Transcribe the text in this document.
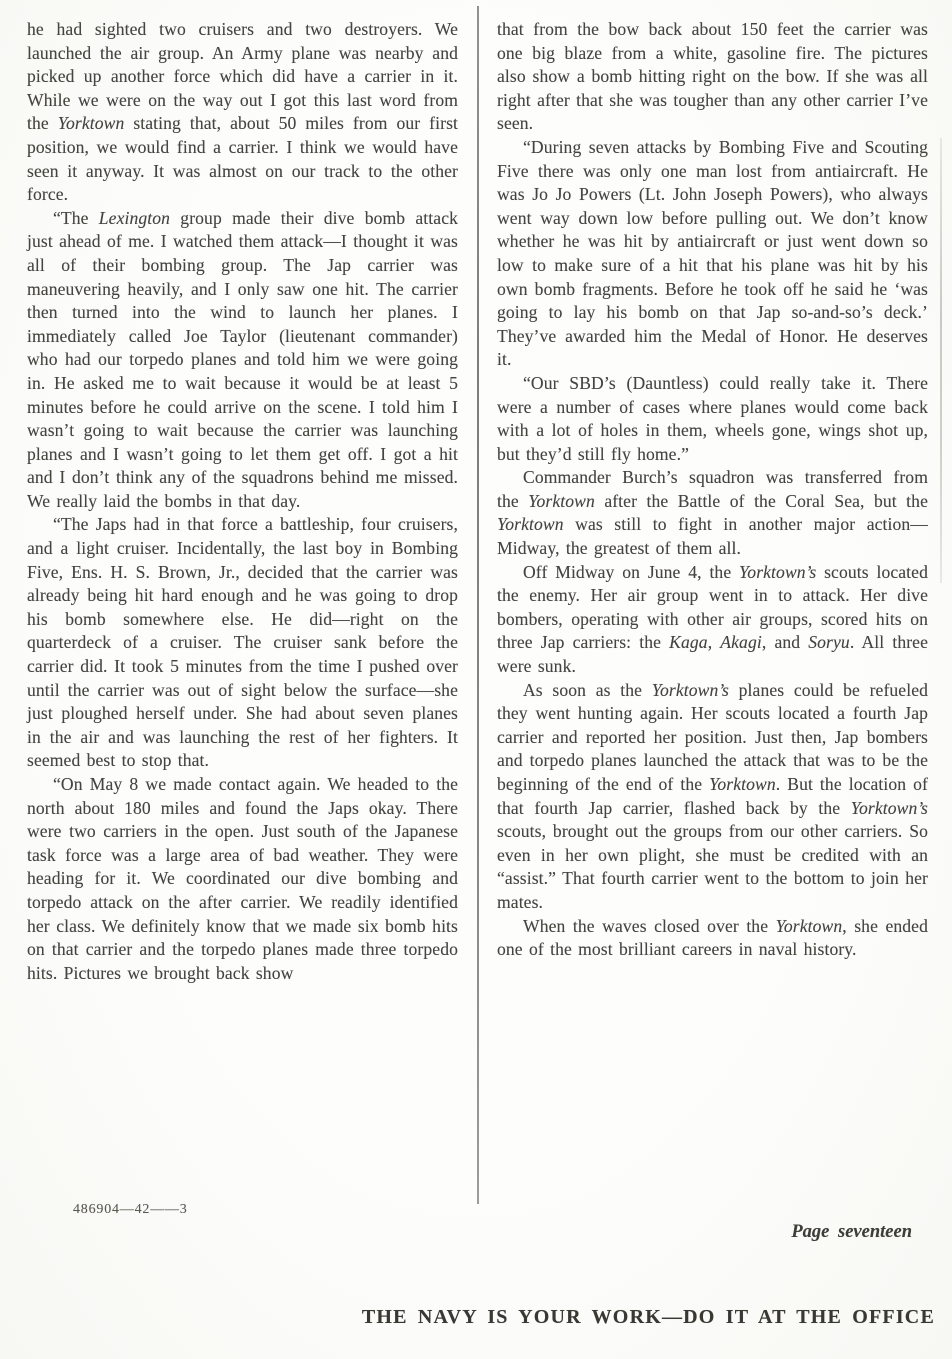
he had sighted two cruisers and two destroyers. We launched the air group. An Army plane was nearby and picked up another force which did have a carrier in it. While we were on the way out I got this last word from the Yorktown stating that, about 50 miles from our first position, we would find a carrier. I think we would have seen it anyway. It was almost on our track to the other force.

“The Lexington group made their dive bomb attack just ahead of me. I watched them attack—I thought it was all of their bombing group. The Jap carrier was maneuvering heavily, and I only saw one hit. The carrier then turned into the wind to launch her planes. I immediately called Joe Taylor (lieutenant commander) who had our torpedo planes and told him we were going in. He asked me to wait because it would be at least 5 minutes before he could arrive on the scene. I told him I wasn’t going to wait because the carrier was launching planes and I wasn’t going to let them get off. I got a hit and I don’t think any of the squadrons behind me missed. We really laid the bombs in that day.

“The Japs had in that force a battleship, four cruisers, and a light cruiser. Incidentally, the last boy in Bombing Five, Ens. H. S. Brown, Jr., decided that the carrier was already being hit hard enough and he was going to drop his bomb somewhere else. He did—right on the quarterdeck of a cruiser. The cruiser sank before the carrier did. It took 5 minutes from the time I pushed over until the carrier was out of sight below the surface—she just ploughed herself under. She had about seven planes in the air and was launching the rest of her fighters. It seemed best to stop that.

“On May 8 we made contact again. We headed to the north about 180 miles and found the Japs okay. There were two carriers in the open. Just south of the Japanese task force was a large area of bad weather. They were heading for it. We coordinated our dive bombing and torpedo attack on the after carrier. We readily identified her class. We definitely know that we made six bomb hits on that carrier and the torpedo planes made three torpedo hits. Pictures we brought back show

that from the bow back about 150 feet the carrier was one big blaze from a white, gasoline fire. The pictures also show a bomb hitting right on the bow. If she was all right after that she was tougher than any other carrier I’ve seen.

“During seven attacks by Bombing Five and Scouting Five there was only one man lost from antiaircraft. He was Jo Jo Powers (Lt. John Joseph Powers), who always went way down low before pulling out. We don’t know whether he was hit by antiaircraft or just went down so low to make sure of a hit that his plane was hit by his own bomb fragments. Before he took off he said he ‘was going to lay his bomb on that Jap so-and-so’s deck.’ They’ve awarded him the Medal of Honor. He deserves it.

“Our SBD’s (Dauntless) could really take it. There were a number of cases where planes would come back with a lot of holes in them, wheels gone, wings shot up, but they’d still fly home.”

Commander Burch’s squadron was transferred from the Yorktown after the Battle of the Coral Sea, but the Yorktown was still to fight in another major action—Midway, the greatest of them all.

Off Midway on June 4, the Yorktown’s scouts located the enemy. Her air group went in to attack. Her dive bombers, operating with other air groups, scored hits on three Jap carriers: the Kaga, Akagi, and Soryu. All three were sunk.

As soon as the Yorktown’s planes could be refueled they went hunting again. Her scouts located a fourth Jap carrier and reported her position. Just then, Jap bombers and torpedo planes launched the attack that was to be the beginning of the end of the Yorktown. But the location of that fourth Jap carrier, flashed back by the Yorktown’s scouts, brought out the groups from our other carriers. So even in her own plight, she must be credited with an “assist.” That fourth carrier went to the bottom to join her mates.

When the waves closed over the Yorktown, she ended one of the most brilliant careers in naval history.

486904—42——3
Page seventeen
THE NAVY IS YOUR WORK—DO IT AT THE OFFICE
